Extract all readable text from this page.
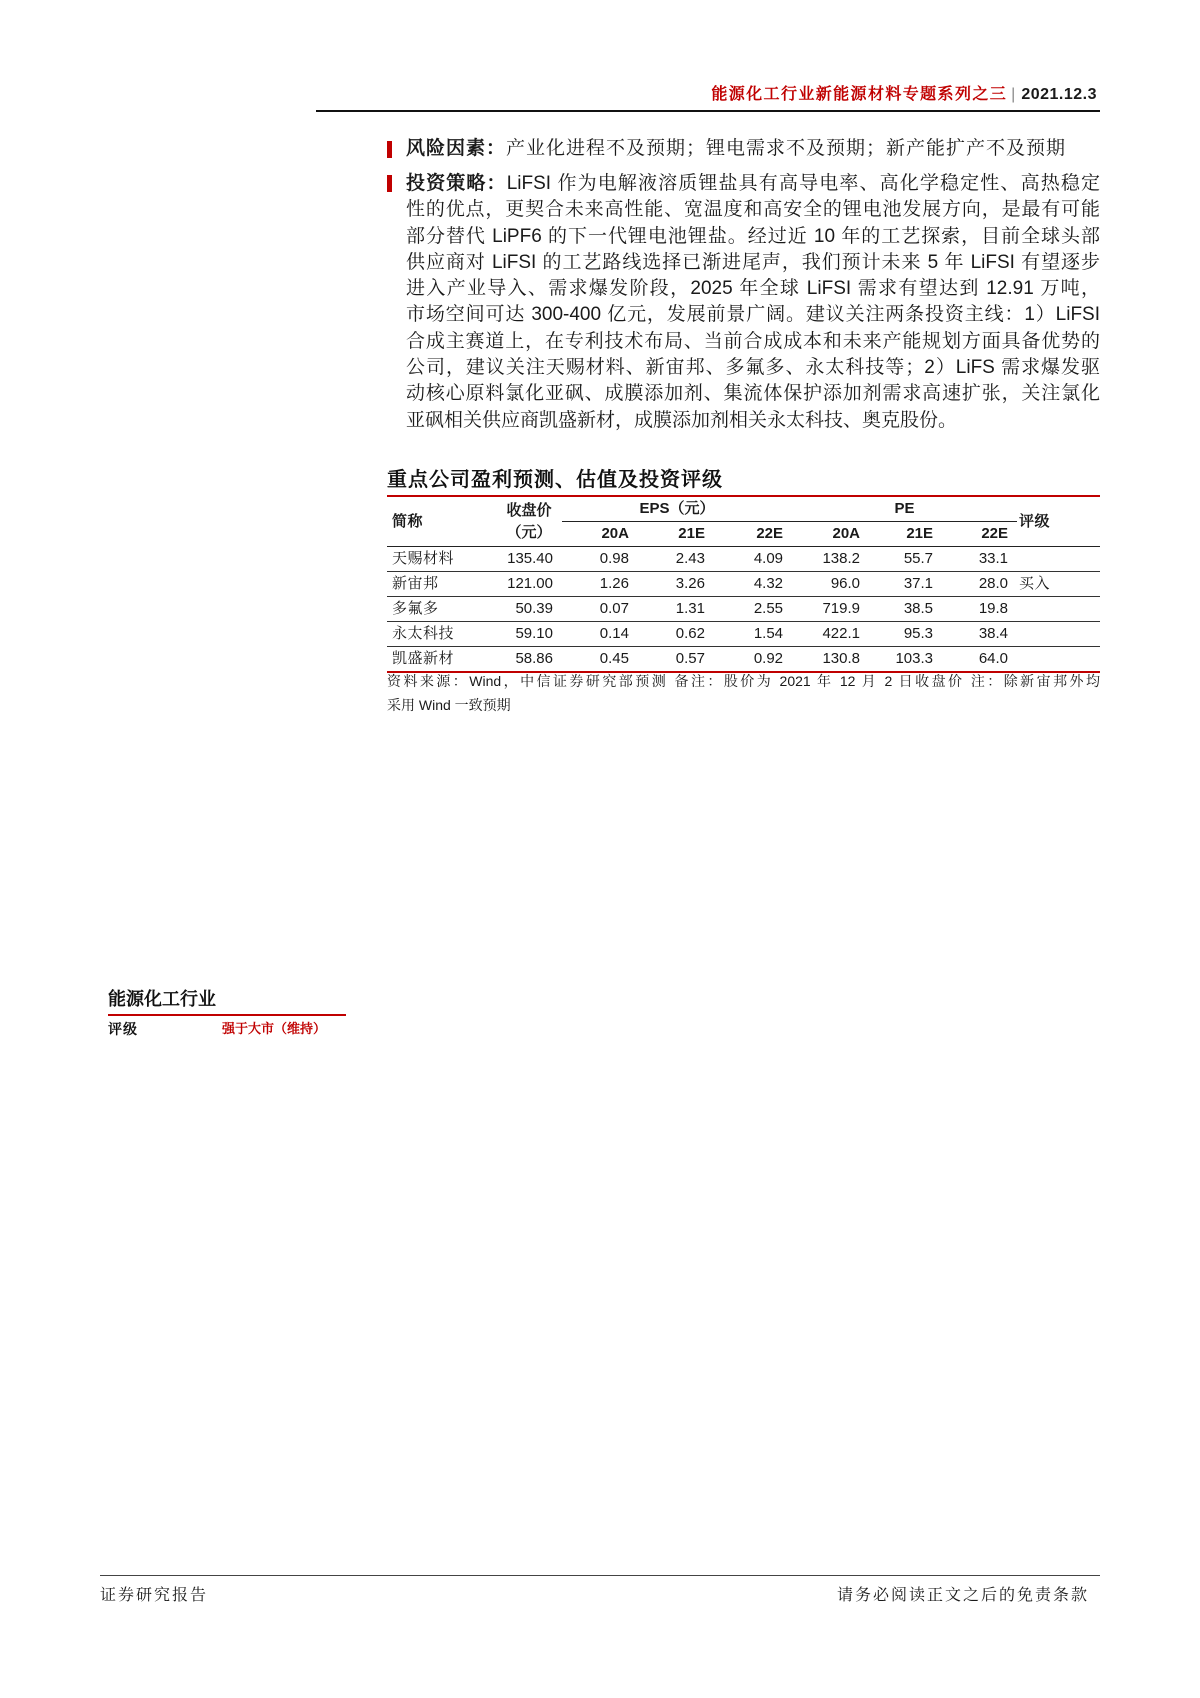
能源化工行业新能源材料专题系列之三 | 2021.12.3
风险因素：产业化进程不及预期；锂电需求不及预期；新产能扩产不及预期
投资策略：LiFSI 作为电解液溶质锂盐具有高导电率、高化学稳定性、高热稳定
性的优点，更契合未来高性能、宽温度和高安全的锂电池发展方向，是最有可能
部分替代 LiPF6 的下一代锂电池锂盐。经过近 10 年的工艺探索，目前全球头部
供应商对 LiFSI 的工艺路线选择已渐进尾声，我们预计未来 5 年 LiFSI 有望逐步
进入产业导入、需求爆发阶段，2025 年全球 LiFSI 需求有望达到 12.91 万吨，
市场空间可达 300-400 亿元，发展前景广阔。建议关注两条投资主线：1）LiFSI
合成主赛道上，在专利技术布局、当前合成成本和未来产能规划方面具备优势的
公司，建议关注天赐材料、新宙邦、多氟多、永太科技等；2）LiFS 需求爆发驱
动核心原料氯化亚砜、成膜添加剂、集流体保护添加剂需求高速扩张，关注氯化
亚砜相关供应商凯盛新材，成膜添加剂相关永太科技、奥克股份。
重点公司盈利预测、估值及投资评级
简称	收盘价
（元）	EPS（元）			PE			评级
		20A	21E	22E	20A	21E	22E	
天赐材料	135.40	0.98	2.43	4.09	138.2	55.7	33.1	
新宙邦	121.00	1.26	3.26	4.32	96.0	37.1	28.0	买入
多氟多	50.39	0.07	1.31	2.55	719.9	38.5	19.8	
永太科技	59.10	0.14	0.62	1.54	422.1	95.3	38.4	
凯盛新材	58.86	0.45	0.57	0.92	130.8	103.3	64.0	
资料来源：Wind，中信证券研究部预测 备注：股价为 2021 年 12 月 2 日收盘价 注：除新宙邦外均
采用 Wind 一致预期
能源化工行业
评级	强于大市（维持）
证券研究报告	请务必阅读正文之后的免责条款
